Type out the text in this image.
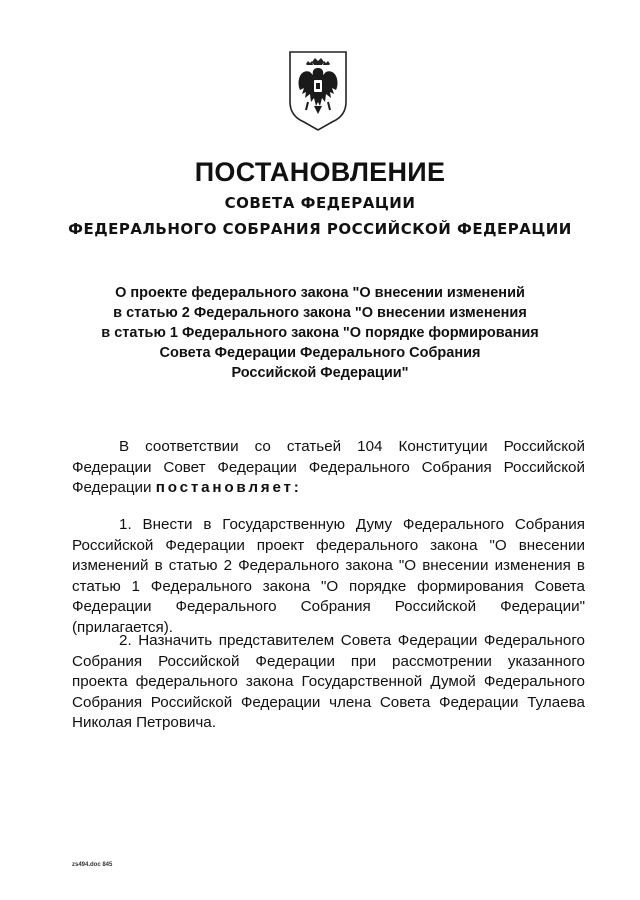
ПОСТАНОВЛЕНИЕ
СОВЕТА ФЕДЕРАЦИИ
ФЕДЕРАЛЬНОГО СОБРАНИЯ РОССИЙСКОЙ ФЕДЕРАЦИИ
О проекте федерального закона "О внесении изменений
в статью 2 Федерального закона "О внесении изменения
в статью 1 Федерального закона "О порядке формирования
Совета Федерации Федерального Собрания
Российской Федерации"
В соответствии со статьей 104 Конституции Российской Федерации Совет Федерации Федерального Собрания Российской Федерации постановляет:
1. Внести в Государственную Думу Федерального Собрания Российской Федерации проект федерального закона "О внесении изменений в статью 2 Федерального закона "О внесении изменения в статью 1 Федерального закона "О порядке формирования Совета Федерации Федерального Собрания Российской Федерации" (прилагается).
2. Назначить представителем Совета Федерации Федерального Собрания Российской Федерации при рассмотрении указанного проекта федерального закона Государственной Думой Федерального Собрания Российской Федерации члена Совета Федерации Тулаева Николая Петровича.
zs494.doc 845
